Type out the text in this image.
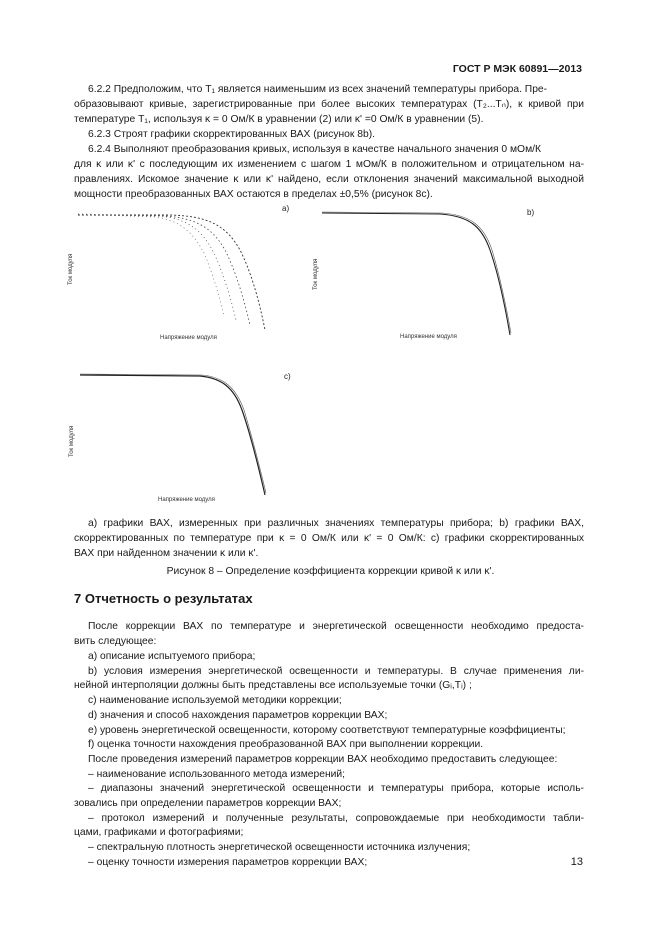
ГОСТ Р МЭК 60891—2013
6.2.2 Предположим, что T₁ является наименьшим из всех значений температуры прибора. Пре-
образовывают кривые, зарегистрированные при более высоких температурах (T₂...Tₙ), к кривой при
температуре T₁, используя κ = 0 Ом/К в уравнении (2) или κ' =0 Ом/К в уравнении (5).
6.2.3 Строят графики скорректированных ВАХ (рисунок 8b).
6.2.4 Выполняют преобразования кривых, используя в качестве начального значения 0 мОм/К
для κ или κ' с последующим их изменением с шагом 1 мОм/К в положительном и отрицательном на-
правлениях. Искомое значение κ или κ' найдено, если отклонения значений максимальной выходной
мощности преобразованных ВАХ остаются в пределах ±0,5% (рисунок 8c).
a)
Ток модуля
Напряжение модуля
b)
Ток модуля
Напряжение модуля
c)
Ток модуля
Напряжение модуля
а) графики ВАХ, измеренных при различных значениях температуры прибора; b) графики ВАХ,
скорректированных по температуре при κ = 0 Ом/К или κ' = 0 Ом/К: с) графики скорректированных
ВАХ при найденном значении κ или κ'.
Рисунок 8 – Определение коэффициента коррекции кривой κ или κ'.
7 Отчетность о результатах
После коррекции ВАХ по температуре и энергетической освещенности необходимо предоста-
вить следующее:
a) описание испытуемого прибора;
b) условия измерения энергетической освещенности и температуры. В случае применения ли-
нейной интерполяции должны быть представлены все используемые точки (Gᵢ,Tᵢ) ;
c) наименование используемой методики коррекции;
d) значения и способ нахождения параметров коррекции ВАХ;
e) уровень энергетической освещенности, которому соответствуют температурные коэффициенты;
f) оценка точности нахождения преобразованной ВАХ при выполнении коррекции.
После проведения измерений параметров коррекции ВАХ необходимо предоставить следующее:
– наименование использованного метода измерений;
– диапазоны значений энергетической освещенности и температуры прибора, которые исполь-
зовались при определении параметров коррекции ВАХ;
– протокол измерений и полученные результаты, сопровождаемые при необходимости табли-
цами, графиками и фотографиями;
– спектральную плотность энергетической освещенности источника излучения;
– оценку точности измерения параметров коррекции ВАХ;	13
